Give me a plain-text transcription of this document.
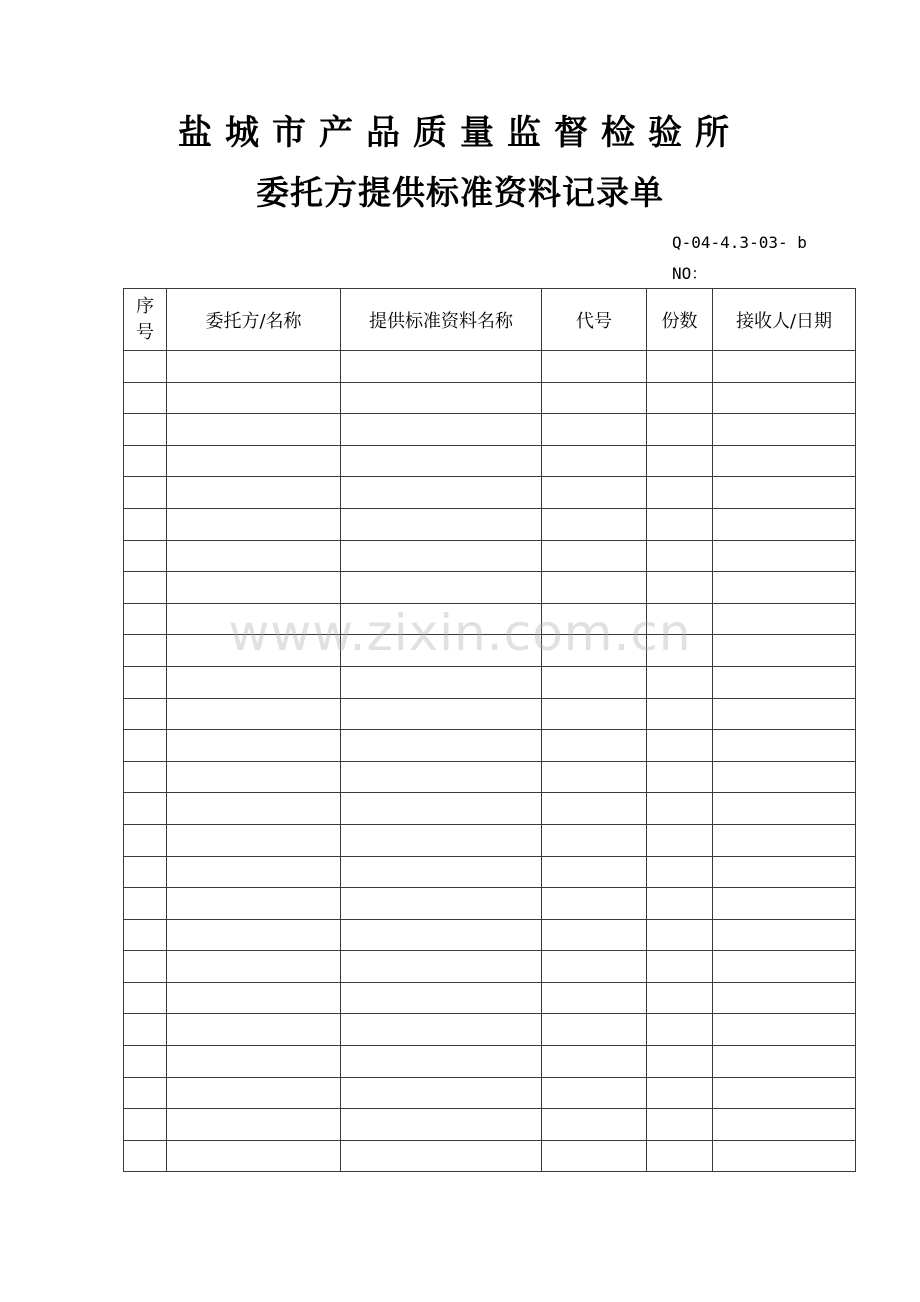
盐城市产品质量监督检验所
委托方提供标准资料记录单
Q-04-4.3-03- b
NO：
序
号	委托方/名称	提供标准资料名称	代号	份数	接收人/日期

www.zixin.com.cn
